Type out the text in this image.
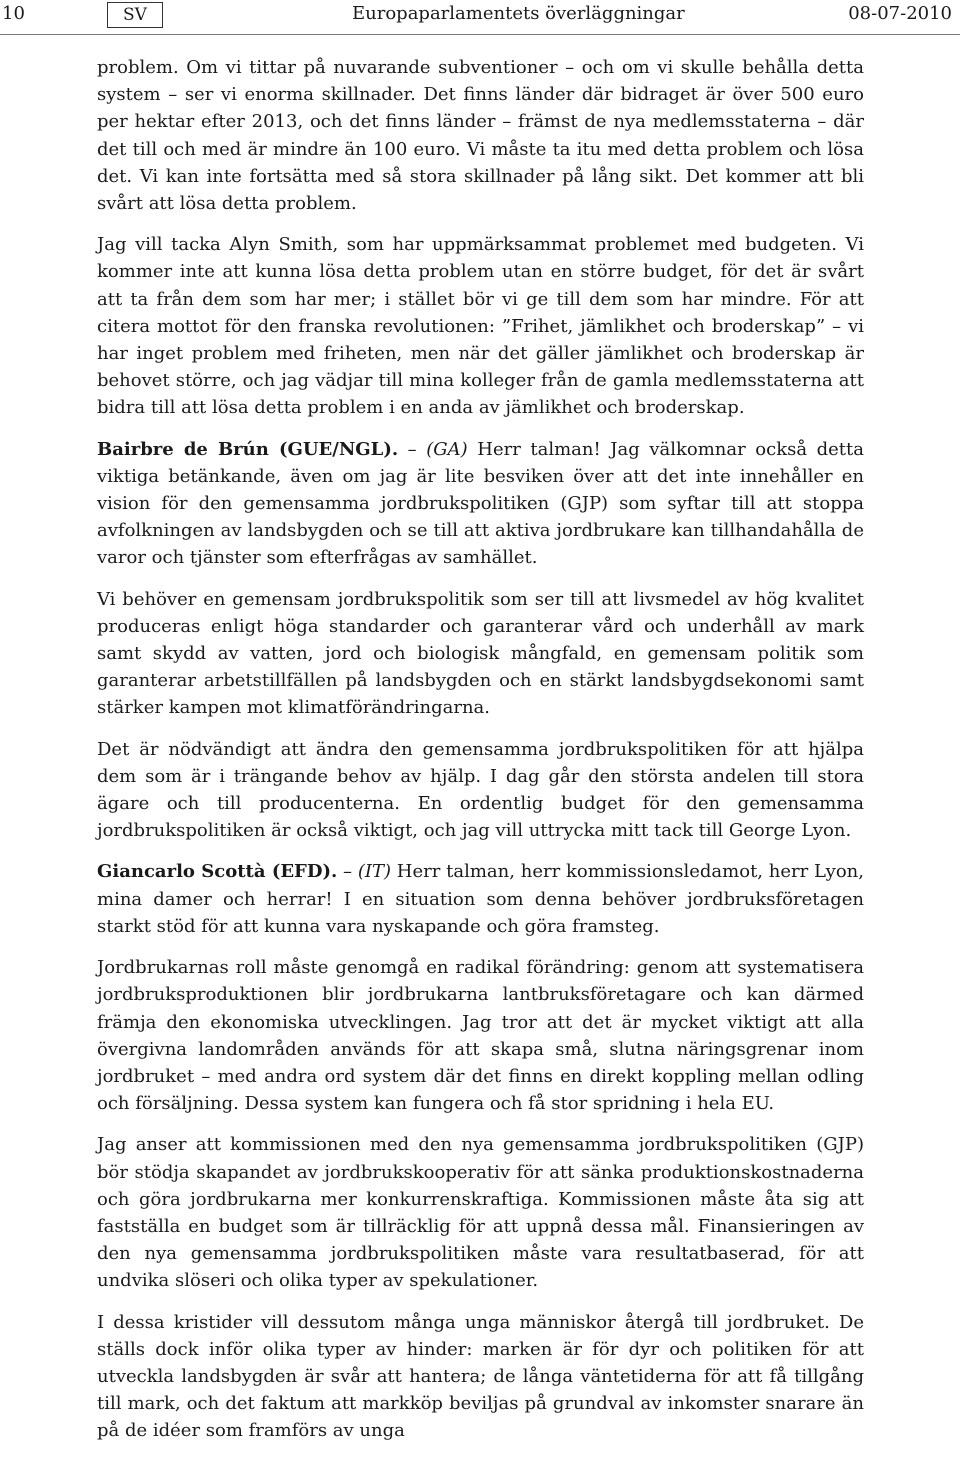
10	SV	Europaparlamentets överläggningar	08-07-2010

problem. Om vi tittar på nuvarande subventioner – och om vi skulle behålla detta system – ser vi enorma skillnader. Det finns länder där bidraget är över 500 euro per hektar efter 2013, och det finns länder – främst de nya medlemsstaterna – där det till och med är mindre än 100 euro. Vi måste ta itu med detta problem och lösa det. Vi kan inte fortsätta med så stora skillnader på lång sikt. Det kommer att bli svårt att lösa detta problem.

Jag vill tacka Alyn Smith, som har uppmärksammat problemet med budgeten. Vi kommer inte att kunna lösa detta problem utan en större budget, för det är svårt att ta från dem som har mer; i stället bör vi ge till dem som har mindre. För att citera mottot för den franska revolutionen: ”Frihet, jämlikhet och broderskap” – vi har inget problem med friheten, men när det gäller jämlikhet och broderskap är behovet större, och jag vädjar till mina kolleger från de gamla medlemsstaterna att bidra till att lösa detta problem i en anda av jämlikhet och broderskap.

Bairbre de Brún (GUE/NGL). – (GA) Herr talman! Jag välkomnar också detta viktiga betänkande, även om jag är lite besviken över att det inte innehåller en vision för den gemensamma jordbrukspolitiken (GJP) som syftar till att stoppa avfolkningen av landsbygden och se till att aktiva jordbrukare kan tillhandahålla de varor och tjänster som efterfrågas av samhället.

Vi behöver en gemensam jordbrukspolitik som ser till att livsmedel av hög kvalitet produceras enligt höga standarder och garanterar vård och underhåll av mark samt skydd av vatten, jord och biologisk mångfald, en gemensam politik som garanterar arbetstillfällen på landsbygden och en stärkt landsbygdsekonomi samt stärker kampen mot klimatförändringarna.

Det är nödvändigt att ändra den gemensamma jordbrukspolitiken för att hjälpa dem som är i trängande behov av hjälp. I dag går den största andelen till stora ägare och till producenterna. En ordentlig budget för den gemensamma jordbrukspolitiken är också viktigt, och jag vill uttrycka mitt tack till George Lyon.

Giancarlo Scottà (EFD). – (IT) Herr talman, herr kommissionsledamot, herr Lyon, mina damer och herrar! I en situation som denna behöver jordbruksföretagen starkt stöd för att kunna vara nyskapande och göra framsteg.

Jordbrukarnas roll måste genomgå en radikal förändring: genom att systematisera jordbruksproduktionen blir jordbrukarna lantbruksföretagare och kan därmed främja den ekonomiska utvecklingen. Jag tror att det är mycket viktigt att alla övergivna landområden används för att skapa små, slutna näringsgrenar inom jordbruket – med andra ord system där det finns en direkt koppling mellan odling och försäljning. Dessa system kan fungera och få stor spridning i hela EU.

Jag anser att kommissionen med den nya gemensamma jordbrukspolitiken (GJP) bör stödja skapandet av jordbrukskooperativ för att sänka produktionskostnaderna och göra jordbrukarna mer konkurrenskraftiga. Kommissionen måste åta sig att fastställa en budget som är tillräcklig för att uppnå dessa mål. Finansieringen av den nya gemensamma jordbrukspolitiken måste vara resultatbaserad, för att undvika slöseri och olika typer av spekulationer.

I dessa kristider vill dessutom många unga människor återgå till jordbruket. De ställs dock inför olika typer av hinder: marken är för dyr och politiken för att utveckla landsbygden är svår att hantera; de långa väntetiderna för att få tillgång till mark, och det faktum att markköp beviljas på grundval av inkomster snarare än på de idéer som framförs av unga
